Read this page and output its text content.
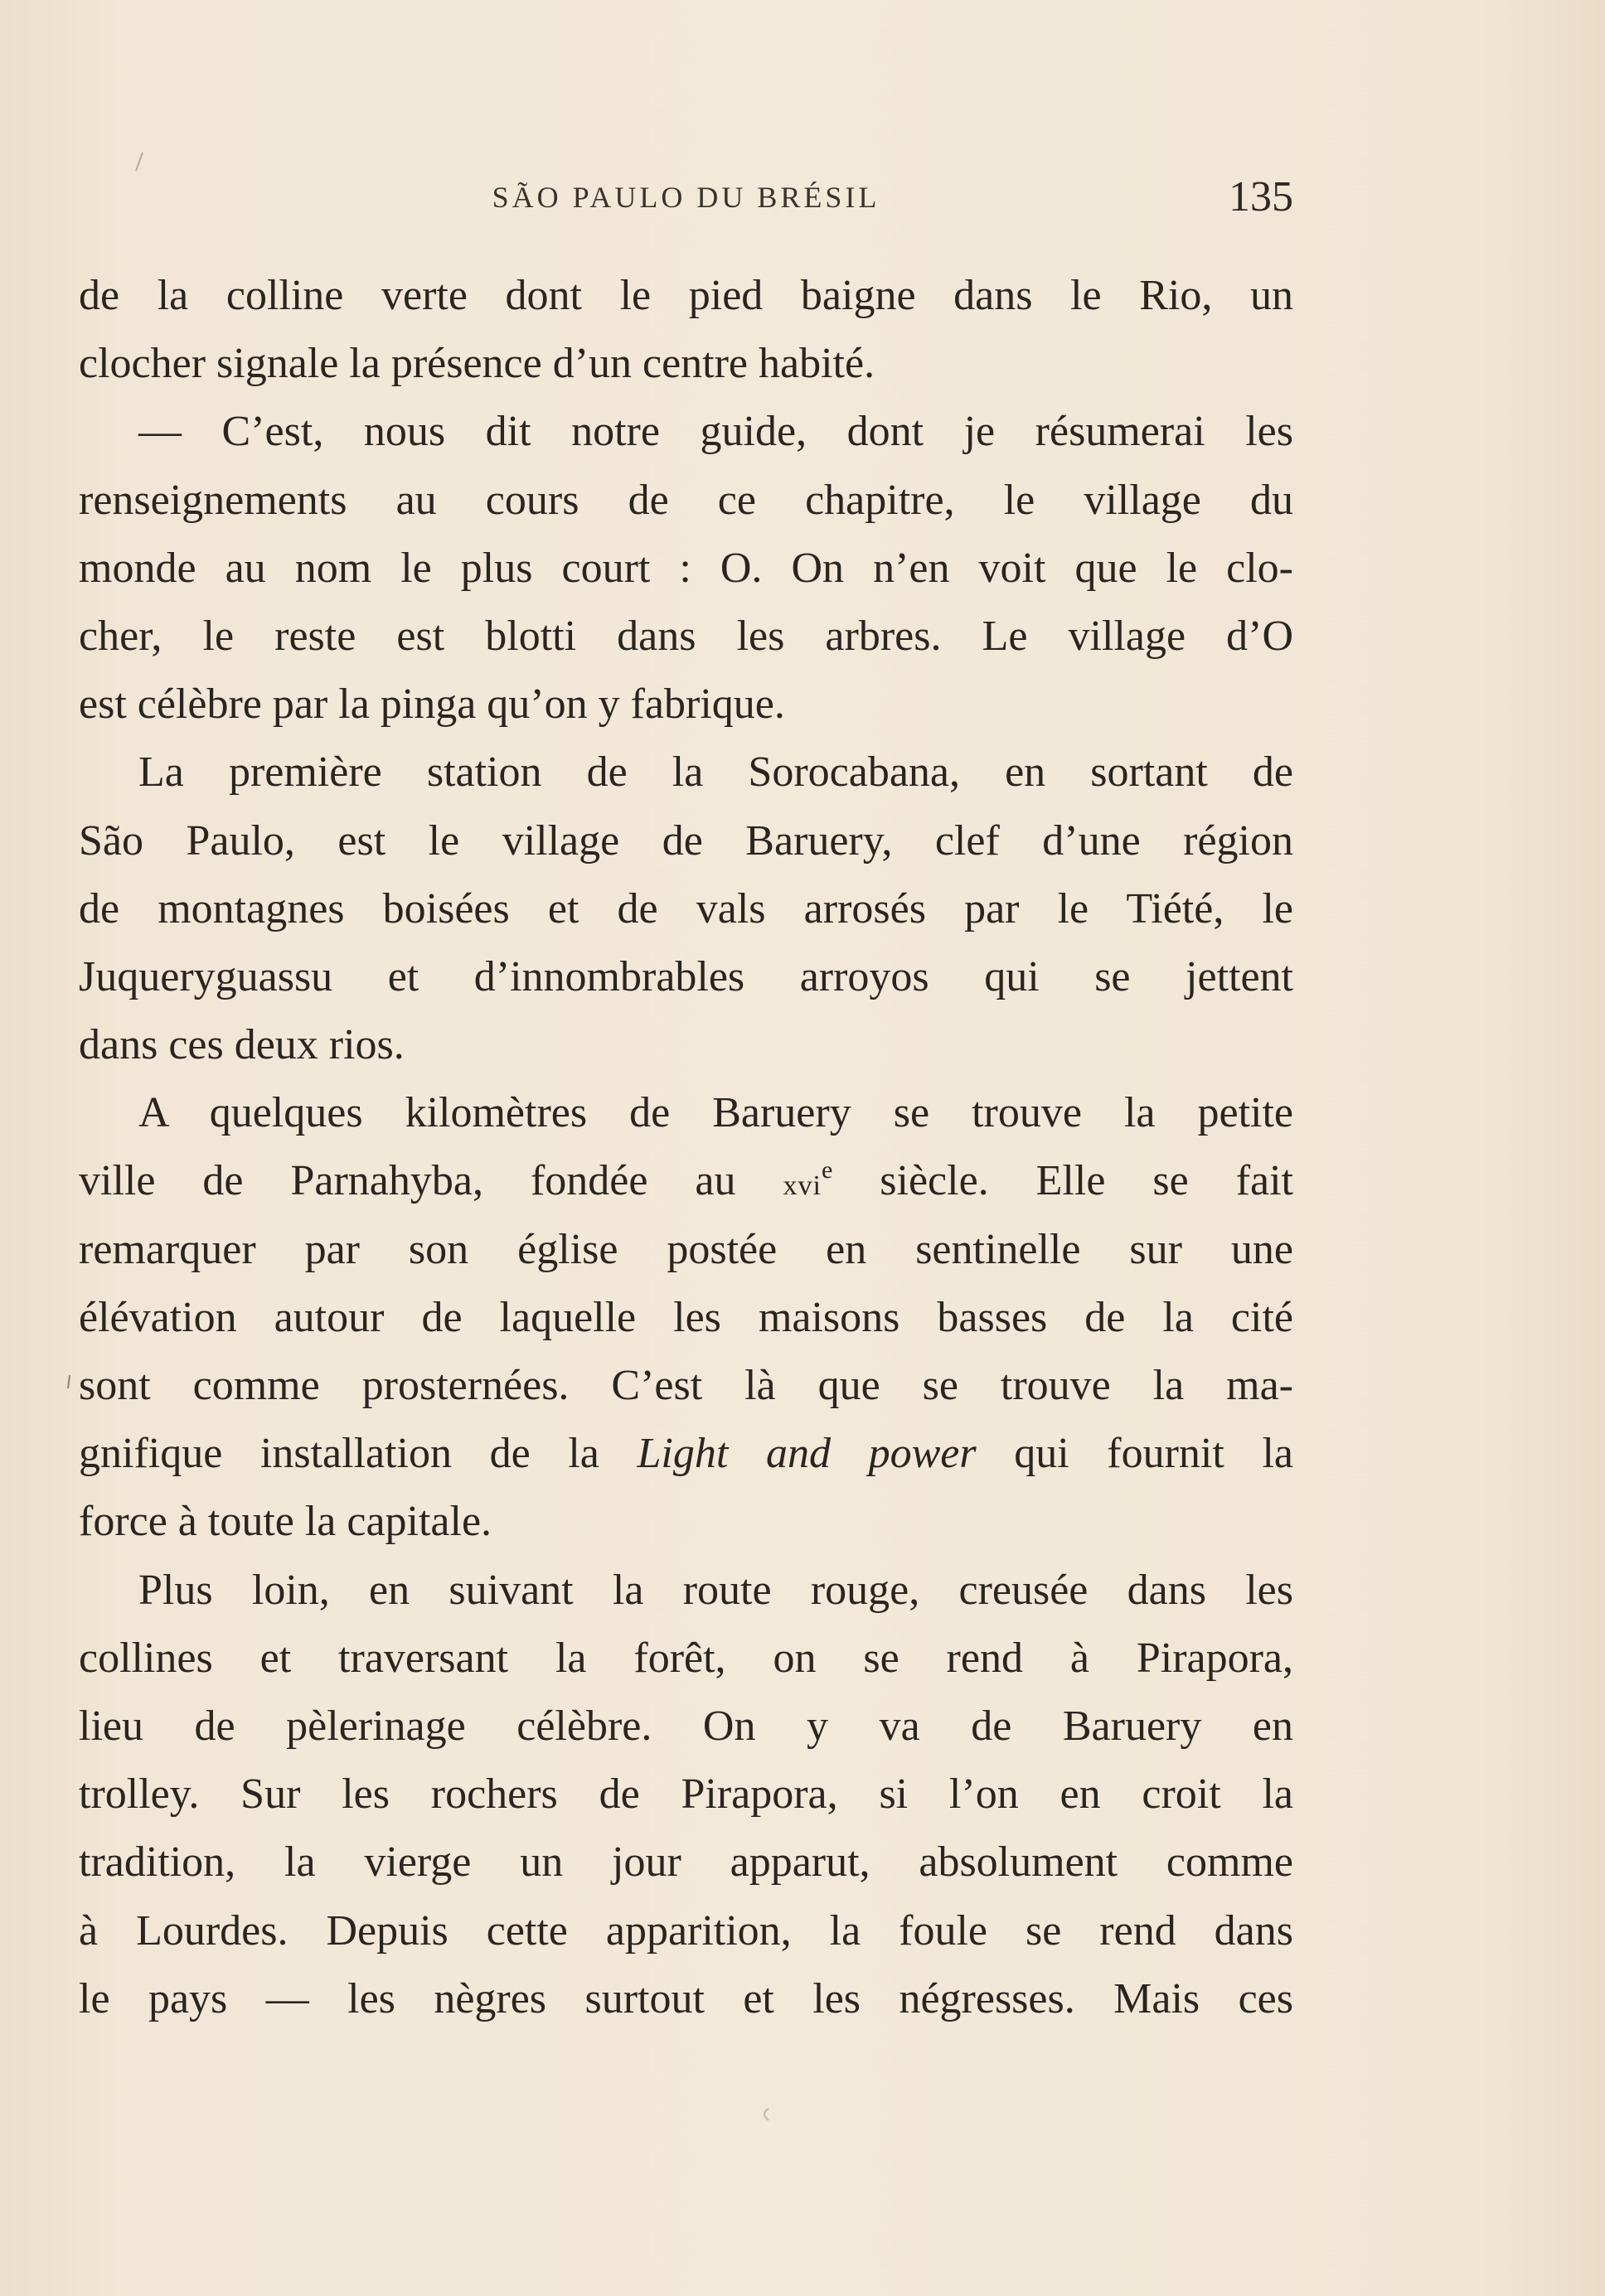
SÃO PAULO DU BRÉSIL	135
de la colline verte dont le pied baigne dans le Rio, un
clocher signale la présence d’un centre habité.
— C’est, nous dit notre guide, dont je résumerai les
renseignements au cours de ce chapitre, le village du
monde au nom le plus court : O. On n’en voit que le clo-
cher, le reste est blotti dans les arbres. Le village d’O
est célèbre par la pinga qu’on y fabrique.
La première station de la Sorocabana, en sortant de
São Paulo, est le village de Baruery, clef d’une région
de montagnes boisées et de vals arrosés par le Tiété, le
Juqueryguassu et d’innombrables arroyos qui se jettent
dans ces deux rios.
A quelques kilomètres de Baruery se trouve la petite
ville de Parnahyba, fondée au xvi$^e$ siècle. Elle se fait
remarquer par son église postée en sentinelle sur une
élévation autour de laquelle les maisons basses de la cité
sont comme prosternées. C’est là que se trouve la ma-
gnifique installation de la Light and power qui fournit la
force à toute la capitale.
Plus loin, en suivant la route rouge, creusée dans les
collines et traversant la forêt, on se rend à Pirapora,
lieu de pèlerinage célèbre. On y va de Baruery en
trolley. Sur les rochers de Pirapora, si l’on en croit la
tradition, la vierge un jour apparut, absolument comme
à Lourdes. Depuis cette apparition, la foule se rend dans
le pays — les nègres surtout et les négresses. Mais ces
